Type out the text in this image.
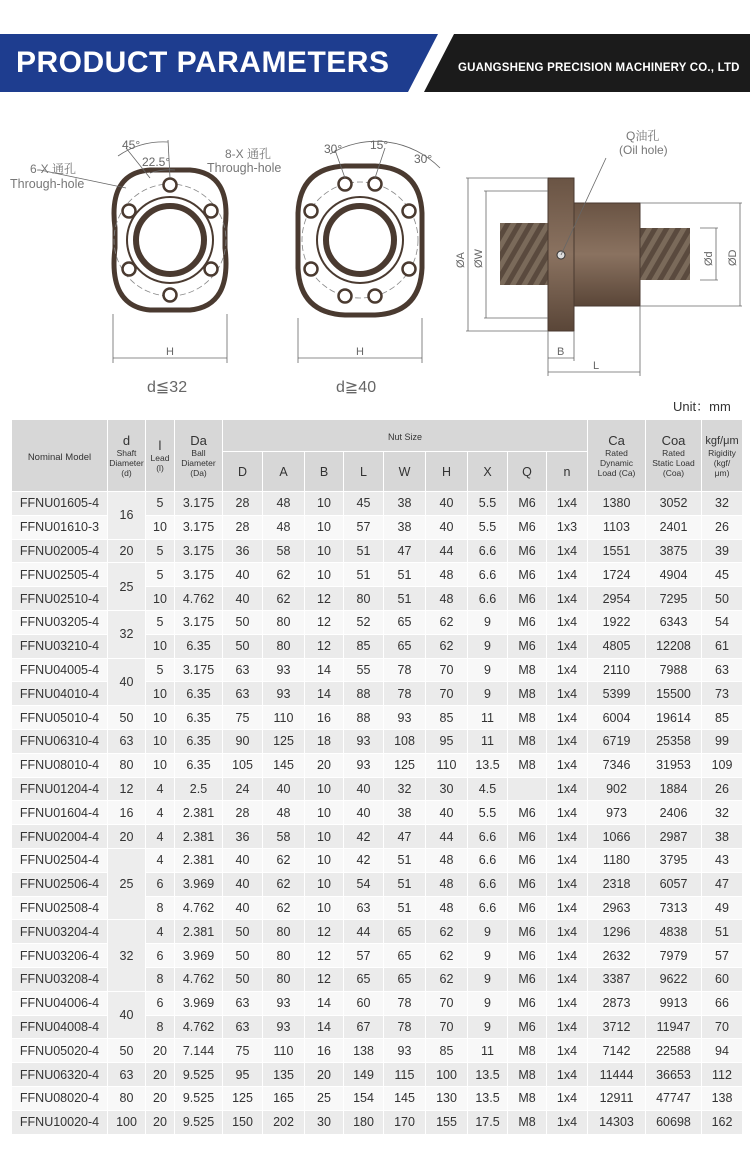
PRODUCT PARAMETERS	GUANGSHENG PRECISION MACHINERY CO., LTD
45°
22.5°
6-X 通孔
Through-hole
H
d≦32
30° 15°
30°
8-X 通孔
Through-hole
H
d≧40
Q油孔
(Oil hole)
ØA ØW	Ød ØD
B
L
Unit：mm
Nominal Model	d
Shaft
Diameter
(d)	l
Lead
(l)	Da
Ball
Diameter
(Da)	Nut Size									Ca
Rated
Dynamic
Load (Ca)	Coa
Rated
Static Load
(Coa)	kgf/μm
Rigidity
(kgf/
μm)

				D	A	B	L	W	H	X	Q	n			
FFNU01605-4	16	5	3.175	28	48	10	45	38	40	5.5	M6	1x4	1380	3052	32
FFNU01610-3		10	3.175	28	48	10	57	38	40	5.5	M6	1x3	1103	2401	26
FFNU02005-4	20	5	3.175	36	58	10	51	47	44	6.6	M6	1x4	1551	3875	39
FFNU02505-4	25	5	3.175	40	62	10	51	51	48	6.6	M6	1x4	1724	4904	45
FFNU02510-4		10	4.762	40	62	12	80	51	48	6.6	M6	1x4	2954	7295	50
FFNU03205-4	32	5	3.175	50	80	12	52	65	62	9	M6	1x4	1922	6343	54
FFNU03210-4		10	6.35	50	80	12	85	65	62	9	M6	1x4	4805	12208	61
FFNU04005-4	40	5	3.175	63	93	14	55	78	70	9	M8	1x4	2110	7988	63
FFNU04010-4		10	6.35	63	93	14	88	78	70	9	M8	1x4	5399	15500	73
FFNU05010-4	50	10	6.35	75	110	16	88	93	85	11	M8	1x4	6004	19614	85
FFNU06310-4	63	10	6.35	90	125	18	93	108	95	11	M8	1x4	6719	25358	99
FFNU08010-4	80	10	6.35	105	145	20	93	125	110	13.5	M8	1x4	7346	31953	109
FFNU01204-4	12	4	2.5	24	40	10	40	32	30	4.5		1x4	902	1884	26
FFNU01604-4	16	4	2.381	28	48	10	40	38	40	5.5	M6	1x4	973	2406	32
FFNU02004-4	20	4	2.381	36	58	10	42	47	44	6.6	M6	1x4	1066	2987	38
FFNU02504-4	25	4	2.381	40	62	10	42	51	48	6.6	M6	1x4	1180	3795	43
FFNU02506-4		6	3.969	40	62	10	54	51	48	6.6	M6	1x4	2318	6057	47
FFNU02508-4		8	4.762	40	62	10	63	51	48	6.6	M6	1x4	2963	7313	49
FFNU03204-4	32	4	2.381	50	80	12	44	65	62	9	M6	1x4	1296	4838	51
FFNU03206-4		6	3.969	50	80	12	57	65	62	9	M6	1x4	2632	7979	57
FFNU03208-4		8	4.762	50	80	12	65	65	62	9	M6	1x4	3387	9622	60
FFNU04006-4	40	6	3.969	63	93	14	60	78	70	9	M6	1x4	2873	9913	66
FFNU04008-4		8	4.762	63	93	14	67	78	70	9	M6	1x4	3712	11947	70
FFNU05020-4	50	20	7.144	75	110	16	138	93	85	11	M8	1x4	7142	22588	94
FFNU06320-4	63	20	9.525	95	135	20	149	115	100	13.5	M8	1x4	11444	36653	112
FFNU08020-4	80	20	9.525	125	165	25	154	145	130	13.5	M8	1x4	12911	47747	138
FFNU10020-4	100	20	9.525	150	202	30	180	170	155	17.5	M8	1x4	14303	60698	162
